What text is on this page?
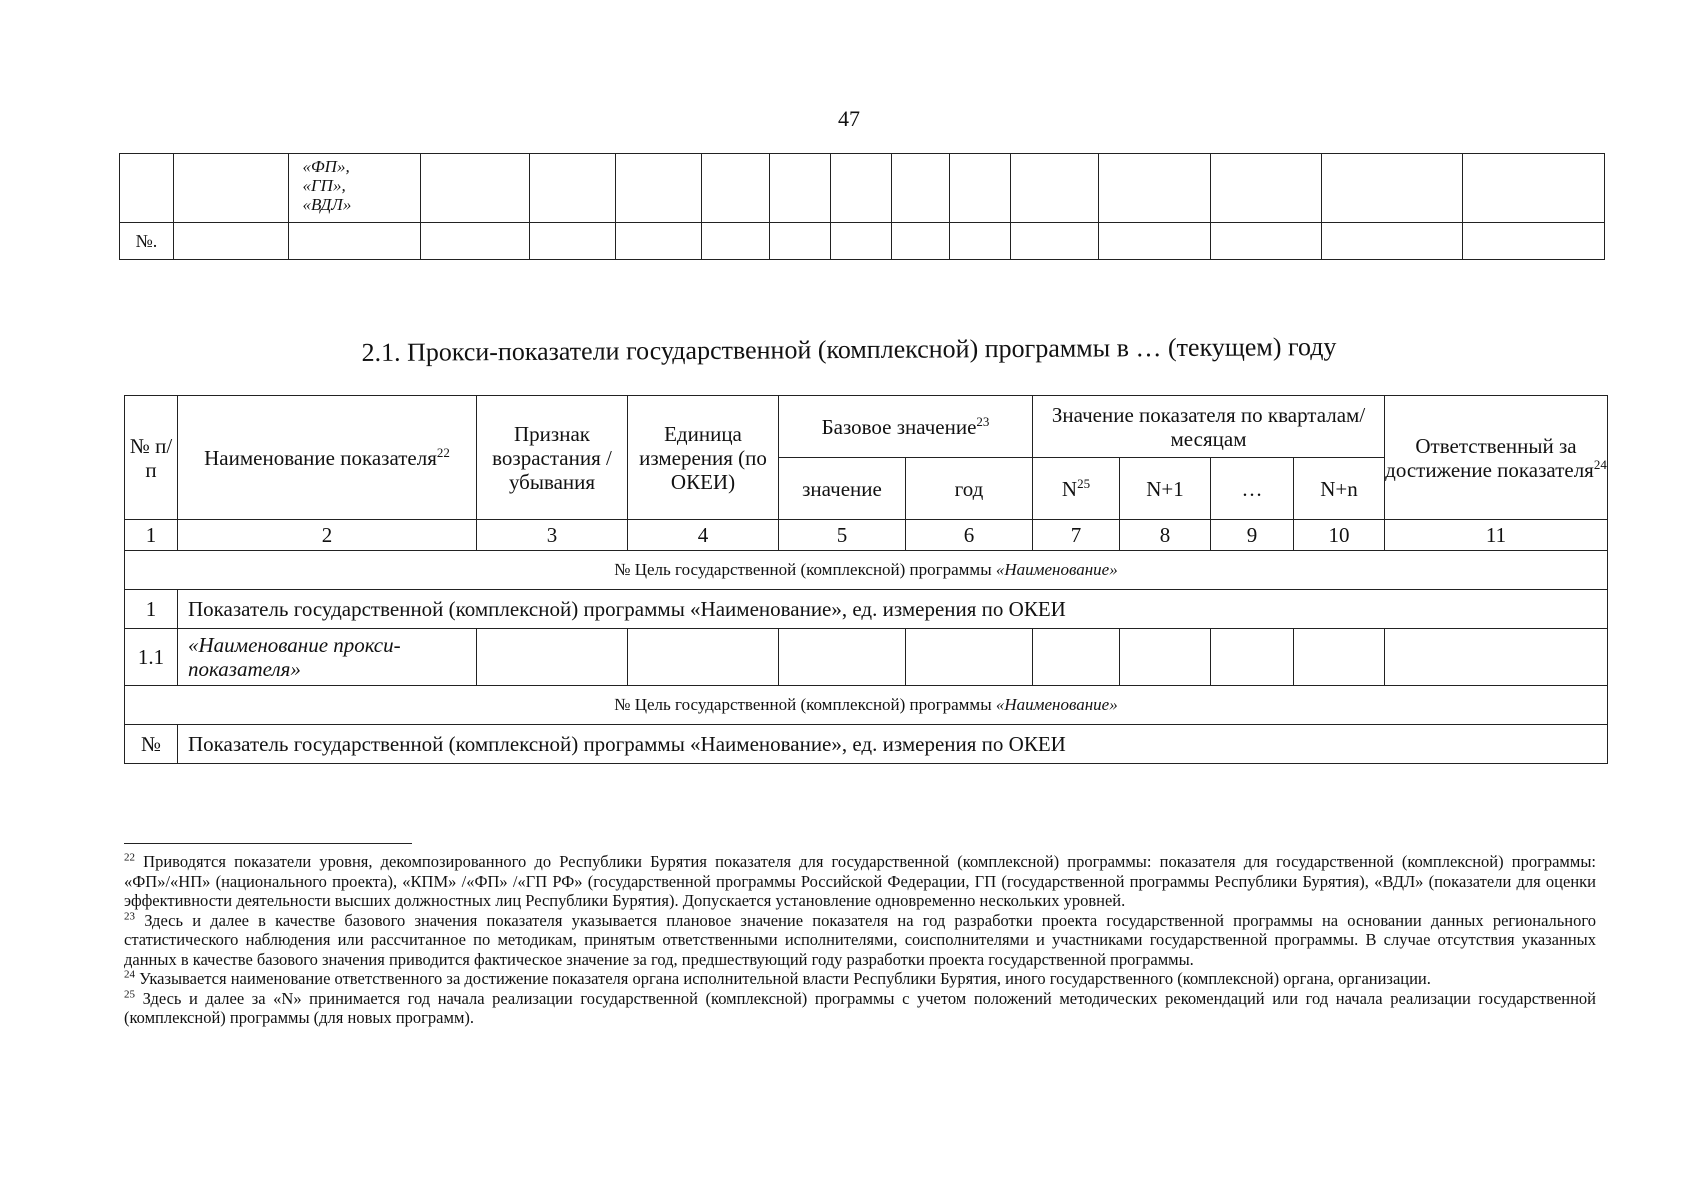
47

		«ФП»,
«ГП»,
«ВДЛ»													

№.															
2.1. Прокси-показатели государственной (комплексной) программы в … (текущем) году
№ п/п	Наименование показателя$^{22}$	Признак возрастания / убывания	Единица измерения (по ОКЕИ)	Базовое значение$^{23}$		Значение показателя по кварталам/месяцам				Ответственный за достижение показателя$^{24}$
				значение	год	$N^{25}$	N+1	…	N+n	
1	2	3	4	5	6	7	8	9	10	11
№ Цель государственной (комплексной) программы «Наименование»										
1	Показатель государственной (комплексной) программы «Наименование», ед. измерения по ОКЕИ									
1.1	«Наименование прокси-показателя»									
№ Цель государственной (комплексной) программы «Наименование»										
№	Показатель государственной (комплексной) программы «Наименование», ед. измерения по ОКЕИ									

$^{22}$ Приводятся показатели уровня, декомпозированного до Республики Бурятия показателя для государственной (комплексной) программы: показателя для государственной (комплексной) программы: «ФП»/«НП» (национального проекта), «КПМ» /«ФП» /«ГП РФ» (государственной программы Российской Федерации, ГП (государственной программы Республики Бурятия), «ВДЛ» (показатели для оценки эффективности деятельности высших должностных лиц Республики Бурятия). Допускается установление одновременно нескольких уровней.

$^{23}$ Здесь и далее в качестве базового значения показателя указывается плановое значение показателя на год разработки проекта государственной программы на основании данных регионального статистического наблюдения или рассчитанное по методикам, принятым ответственными исполнителями, соисполнителями и участниками государственной программы. В случае отсутствия указанных данных в качестве базового значения приводится фактическое значение за год, предшествующий году разработки проекта государственной программы.

$^{24}$ Указывается наименование ответственного за достижение показателя органа исполнительной власти Республики Бурятия, иного государственного (комплексной) органа, организации.

$^{25}$ Здесь и далее за «N» принимается год начала реализации государственной (комплексной) программы с учетом положений методических рекомендаций или год начала реализации государственной (комплексной) программы (для новых программ).
